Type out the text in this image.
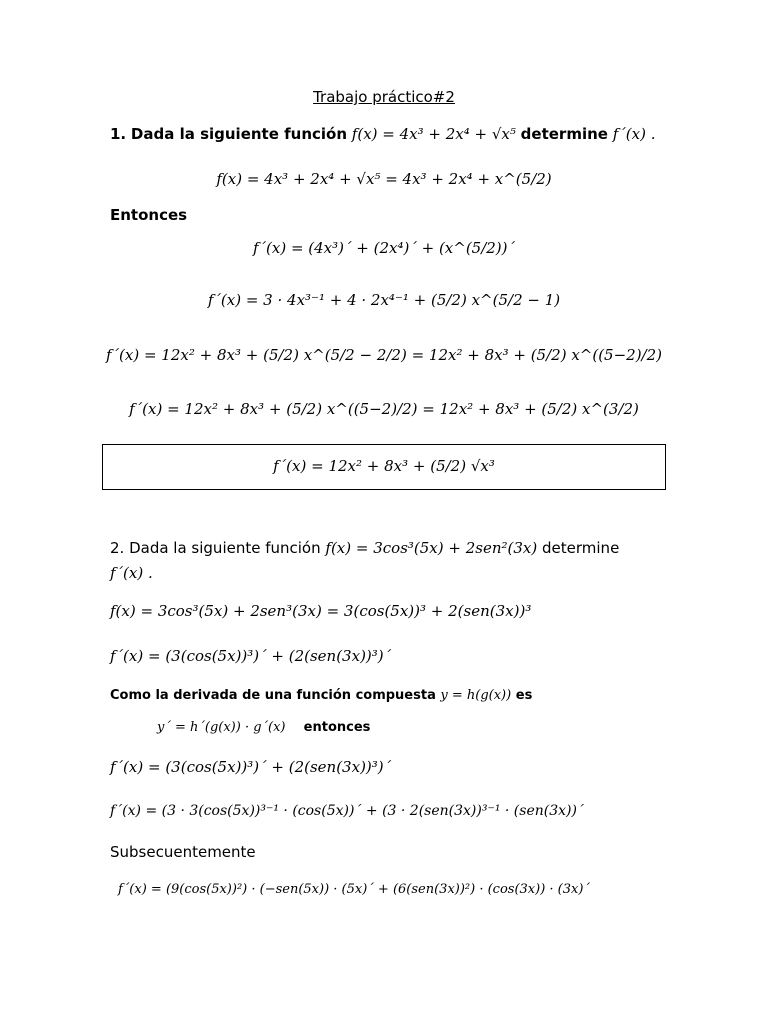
Trabajo práctico#2
1. Dada la siguiente función f(x) = 4x³ + 2x⁴ + √x⁵ determine f´(x) .
f(x) = 4x³ + 2x⁴ + √x⁵ = 4x³ + 2x⁴ + x^(5/2)
Entonces
f´(x) = (4x³)´ + (2x⁴)´ + (x^(5/2))´
f´(x) = 3 · 4x³⁻¹ + 4 · 2x⁴⁻¹ + (5/2) x^(5/2 − 1)
f´(x) = 12x² + 8x³ + (5/2) x^(5/2 − 2/2) = 12x² + 8x³ + (5/2) x^((5−2)/2)
f´(x) = 12x² + 8x³ + (5/2) x^((5−2)/2) = 12x² + 8x³ + (5/2) x^(3/2)
f´(x) = 12x² + 8x³ + (5/2) √x³
2. Dada la siguiente función f(x) = 3cos³(5x) + 2sen²(3x) determine
f´(x) .
f(x) = 3cos³(5x) + 2sen³(3x) = 3(cos(5x))³ + 2(sen(3x))³
f´(x) = (3(cos(5x))³)´ + (2(sen(3x))³)´
Como la derivada de una función compuesta y = h(g(x)) es
y´ = h´(g(x)) · g´(x) entonces
f´(x) = (3(cos(5x))³)´ + (2(sen(3x))³)´
f´(x) = (3 · 3(cos(5x))³⁻¹ · (cos(5x))´ + (3 · 2(sen(3x))³⁻¹ · (sen(3x))´
Subsecuentemente
f´(x) = (9(cos(5x))²) · (−sen(5x)) · (5x)´ + (6(sen(3x))²) · (cos(3x)) · (3x)´
